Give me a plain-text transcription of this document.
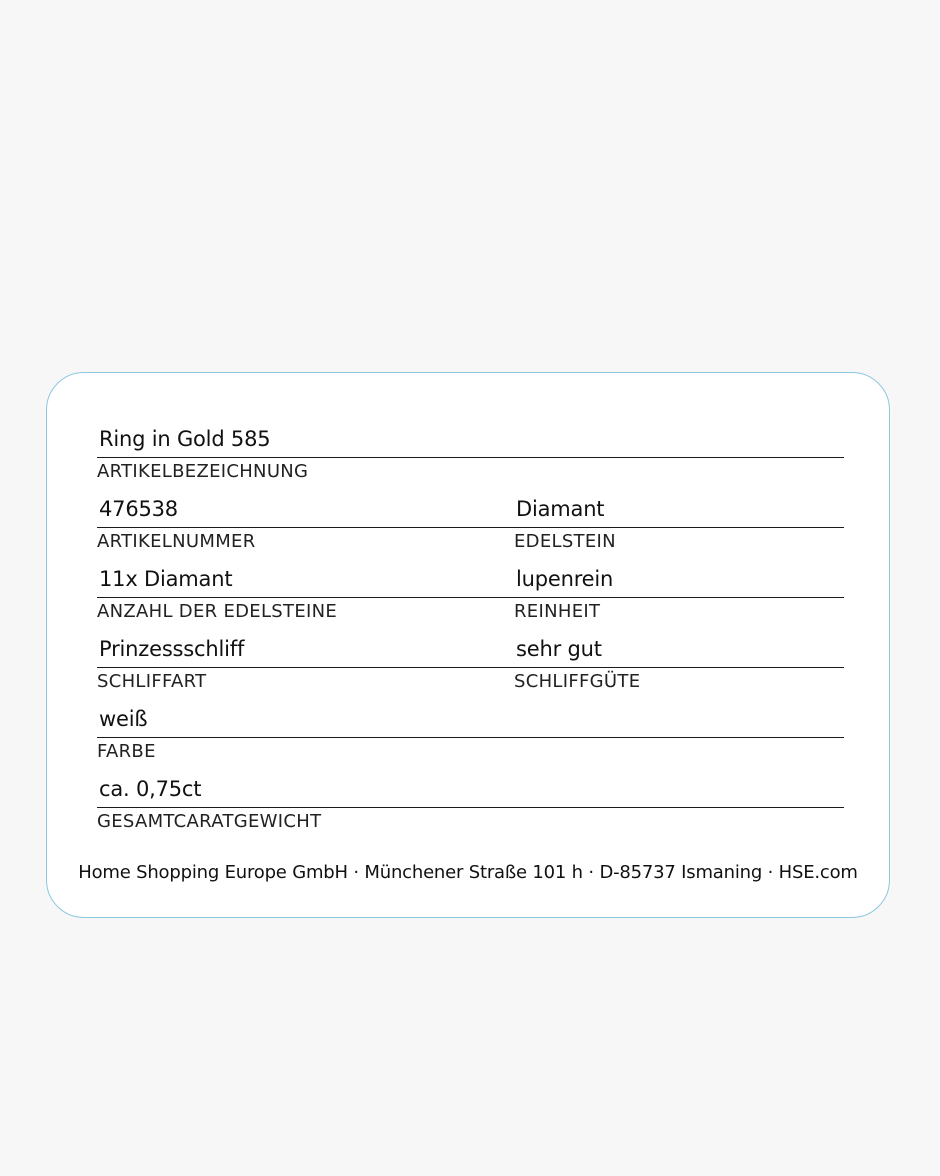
Ring in Gold 585
ARTIKELBEZEICHNUNG
476538
ARTIKELNUMMER
Diamant
EDELSTEIN
11x Diamant
ANZAHL DER EDELSTEINE
lupenrein
REINHEIT
Prinzessschliff
SCHLIFFART
sehr gut
SCHLIFFGÜTE
weiß
FARBE
ca. 0,75ct
GESAMTCARATGEWICHT
Home Shopping Europe GmbH · Münchener Straße 101 h · D-85737 Ismaning · HSE.com
